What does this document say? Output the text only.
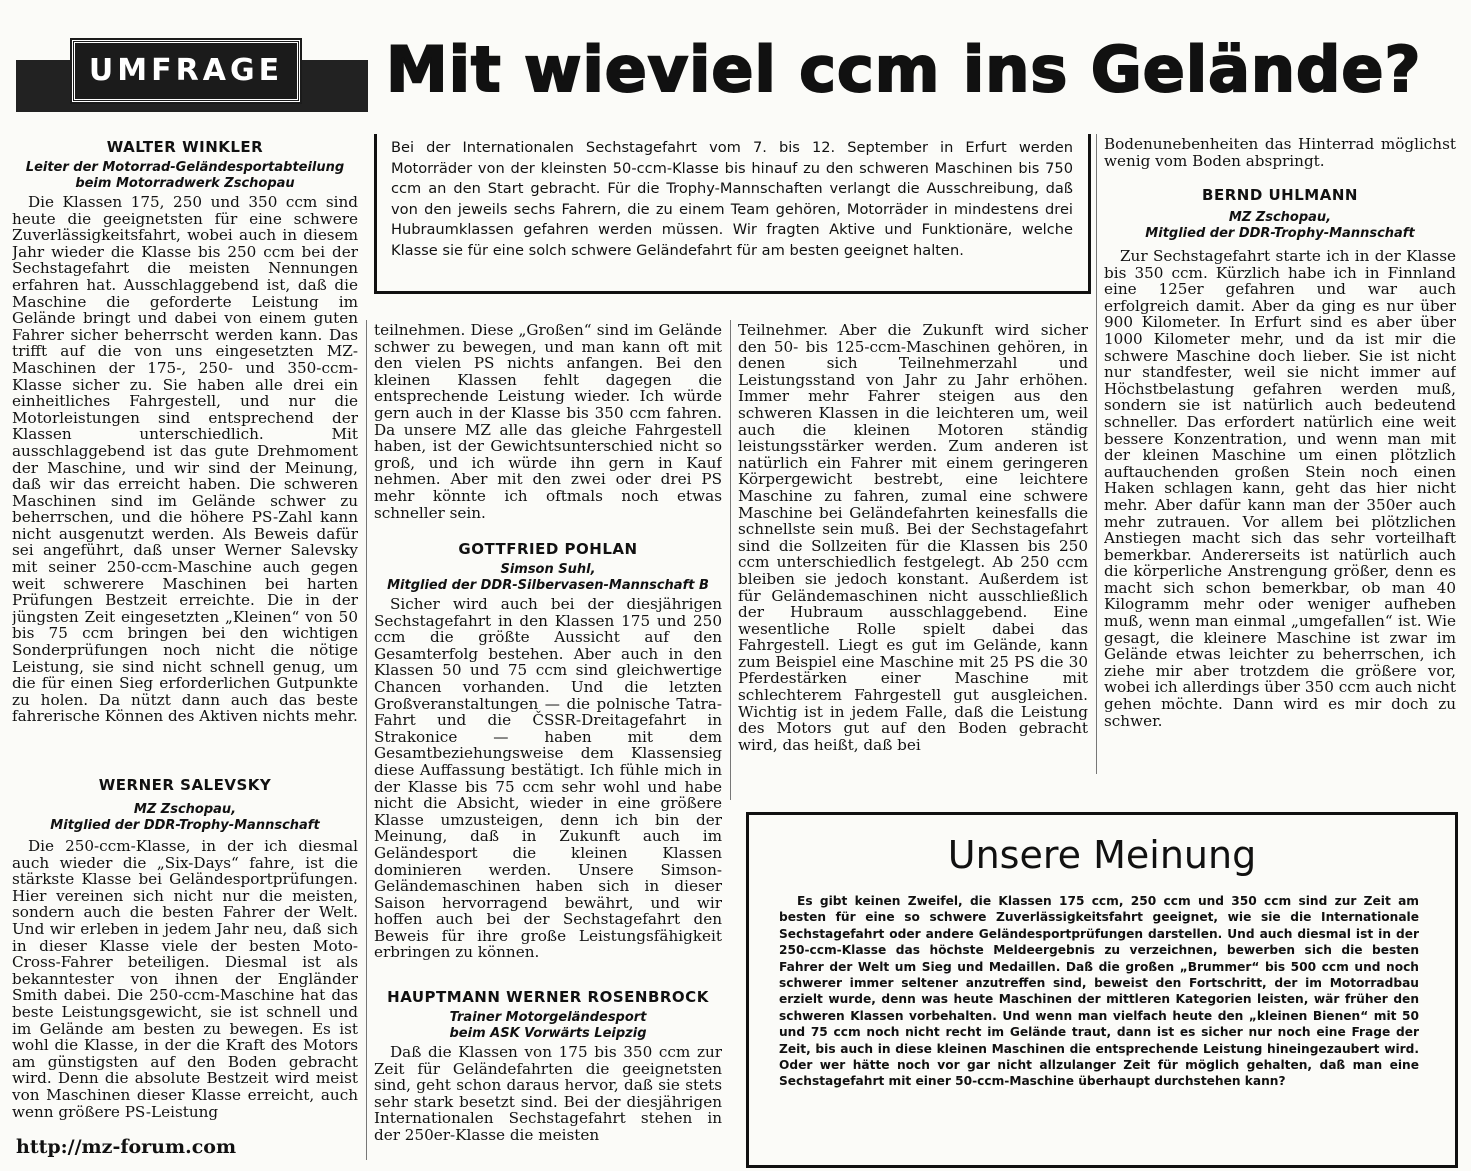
UMFRAGE Mit wieviel ccm ins Gelände?
WALTER WINKLER
Leiter der Motorrad-Geländesportabteilung
beim Motorradwerk Zschopau

Die Klassen 175, 250 und 350 ccm sind heute die geeignetsten für eine schwere Zuverlässigkeitsfahrt, wobei auch in diesem Jahr wieder die Klasse bis 250 ccm bei der Sechstagefahrt die meisten Nennungen erfahren hat. Ausschlaggebend ist, daß die Maschine die geforderte Leistung im Gelände bringt und dabei von einem guten Fahrer sicher beherrscht werden kann. Das trifft auf die von uns eingesetzten MZ-Maschinen der 175-, 250- und 350-ccm-Klasse sicher zu. Sie haben alle drei ein einheitliches Fahrgestell, und nur die Motorleistungen sind entsprechend der Klassen unterschiedlich. Mit ausschlaggebend ist das gute Drehmoment der Maschine, und wir sind der Meinung, daß wir das erreicht haben. Die schweren Maschinen sind im Gelände schwer zu beherrschen, und die höhere PS-Zahl kann nicht ausgenutzt werden. Als Beweis dafür sei angeführt, daß unser Werner Salevsky mit seiner 250-ccm-Maschine auch gegen weit schwerere Maschinen bei harten Prüfungen Bestzeit erreichte. Die in der jüngsten Zeit eingesetzten „Kleinen“ von 50 bis 75 ccm bringen bei den wichtigen Sonderprüfungen noch nicht die nötige Leistung, sie sind nicht schnell genug, um die für einen Sieg erforderlichen Gutpunkte zu holen. Da nützt dann auch das beste fahrerische Können des Aktiven nichts mehr.

WERNER SALEVSKY
MZ Zschopau,
Mitglied der DDR-Trophy-Mannschaft

Die 250-ccm-Klasse, in der ich diesmal auch wieder die „Six-Days“ fahre, ist die stärkste Klasse bei Geländesportprüfungen. Hier vereinen sich nicht nur die meisten, sondern auch die besten Fahrer der Welt. Und wir erleben in jedem Jahr neu, daß sich in dieser Klasse viele der besten Moto-Cross-Fahrer beteiligen. Diesmal ist als bekanntester von ihnen der Engländer Smith dabei. Die 250-ccm-Maschine hat das beste Leistungsgewicht, sie ist schnell und im Gelände am besten zu bewegen. Es ist wohl die Klasse, in der die Kraft des Motors am günstigsten auf den Boden gebracht wird. Denn die absolute Bestzeit wird meist von Maschinen dieser Klasse erreicht, auch wenn größere PS-Leistung

Bei der Internationalen Sechstagefahrt vom 7. bis 12. September in Erfurt werden Motorräder von der kleinsten 50-ccm-Klasse bis hinauf zu den schweren Maschinen bis 750 ccm an den Start gebracht. Für die Trophy-Mannschaften verlangt die Ausschreibung, daß von den jeweils sechs Fahrern, die zu einem Team gehören, Motorräder in mindestens drei Hubraumklassen gefahren werden müssen. Wir fragten Aktive und Funktionäre, welche Klasse sie für eine solch schwere Geländefahrt für am besten geeignet halten.

teilnehmen. Diese „Großen“ sind im Gelände schwer zu bewegen, und man kann oft mit den vielen PS nichts anfangen. Bei den kleinen Klassen fehlt dagegen die entsprechende Leistung wieder. Ich würde gern auch in der Klasse bis 350 ccm fahren. Da unsere MZ alle das gleiche Fahrgestell haben, ist der Gewichtsunterschied nicht so groß, und ich würde ihn gern in Kauf nehmen. Aber mit den zwei oder drei PS mehr könnte ich oftmals noch etwas schneller sein.

GOTTFRIED POHLAN
Simson Suhl,
Mitglied der DDR-Silbervasen-Mannschaft B

Sicher wird auch bei der diesjährigen Sechstagefahrt in den Klassen 175 und 250 ccm die größte Aussicht auf den Gesamterfolg bestehen. Aber auch in den Klassen 50 und 75 ccm sind gleichwertige Chancen vorhanden. Und die letzten Großveranstaltungen — die polnische Tatra-Fahrt und die ČSSR-Dreitagefahrt in Strakonice — haben mit dem Gesamtbeziehungsweise dem Klassensieg diese Auffassung bestätigt. Ich fühle mich in der Klasse bis 75 ccm sehr wohl und habe nicht die Absicht, wieder in eine größere Klasse umzusteigen, denn ich bin der Meinung, daß in Zukunft auch im Geländesport die kleinen Klassen dominieren werden. Unsere Simson-Geländemaschinen haben sich in dieser Saison hervorragend bewährt, und wir hoffen auch bei der Sechstagefahrt den Beweis für ihre große Leistungsfähigkeit erbringen zu können.

HAUPTMANN WERNER ROSENBROCK
Trainer Motorgeländesport
beim ASK Vorwärts Leipzig

Daß die Klassen von 175 bis 350 ccm zur Zeit für Geländefahrten die geeignetsten sind, geht schon daraus hervor, daß sie stets sehr stark besetzt sind. Bei der diesjährigen Internationalen Sechstagefahrt stehen in der 250er-Klasse die meisten

Teilnehmer. Aber die Zukunft wird sicher den 50- bis 125-ccm-Maschinen gehören, in denen sich Teilnehmerzahl und Leistungsstand von Jahr zu Jahr erhöhen. Immer mehr Fahrer steigen aus den schweren Klassen in die leichteren um, weil auch die kleinen Motoren ständig leistungsstärker werden. Zum anderen ist natürlich ein Fahrer mit einem geringeren Körpergewicht bestrebt, eine leichtere Maschine zu fahren, zumal eine schwere Maschine bei Geländefahrten keinesfalls die schnellste sein muß. Bei der Sechstagefahrt sind die Sollzeiten für die Klassen bis 250 ccm unterschiedlich festgelegt. Ab 250 ccm bleiben sie jedoch konstant. Außerdem ist für Geländemaschinen nicht ausschließlich der Hubraum ausschlaggebend. Eine wesentliche Rolle spielt dabei das Fahrgestell. Liegt es gut im Gelände, kann zum Beispiel eine Maschine mit 25 PS die 30 Pferdestärken einer Maschine mit schlechterem Fahrgestell gut ausgleichen. Wichtig ist in jedem Falle, daß die Leistung des Motors gut auf den Boden gebracht wird, das heißt, daß bei

Bodenunebenheiten das Hinterrad möglichst wenig vom Boden abspringt.

BERND UHLMANN
MZ Zschopau,
Mitglied der DDR-Trophy-Mannschaft

Zur Sechstagefahrt starte ich in der Klasse bis 350 ccm. Kürzlich habe ich in Finnland eine 125er gefahren und war auch erfolgreich damit. Aber da ging es nur über 900 Kilometer. In Erfurt sind es aber über 1000 Kilometer mehr, und da ist mir die schwere Maschine doch lieber. Sie ist nicht nur standfester, weil sie nicht immer auf Höchstbelastung gefahren werden muß, sondern sie ist natürlich auch bedeutend schneller. Das erfordert natürlich eine weit bessere Konzentration, und wenn man mit der kleinen Maschine um einen plötzlich auftauchenden großen Stein noch einen Haken schlagen kann, geht das hier nicht mehr. Aber dafür kann man der 350er auch mehr zutrauen. Vor allem bei plötzlichen Anstiegen macht sich das sehr vorteilhaft bemerkbar. Andererseits ist natürlich auch die körperliche Anstrengung größer, denn es macht sich schon bemerkbar, ob man 40 Kilogramm mehr oder weniger aufheben muß, wenn man einmal „umgefallen“ ist. Wie gesagt, die kleinere Maschine ist zwar im Gelände etwas leichter zu beherrschen, ich ziehe mir aber trotzdem die größere vor, wobei ich allerdings über 350 ccm auch nicht gehen möchte. Dann wird es mir doch zu schwer.

Unsere Meinung

Es gibt keinen Zweifel, die Klassen 175 ccm, 250 ccm und 350 ccm sind zur Zeit am besten für eine so schwere Zuverlässigkeitsfahrt geeignet, wie sie die Internationale Sechstagefahrt oder andere Geländesportprüfungen darstellen. Und auch diesmal ist in der 250-ccm-Klasse das höchste Meldeergebnis zu verzeichnen, bewerben sich die besten Fahrer der Welt um Sieg und Medaillen. Daß die großen „Brummer“ bis 500 ccm und noch schwerer immer seltener anzutreffen sind, beweist den Fortschritt, der im Motorradbau erzielt wurde, denn was heute Maschinen der mittleren Kategorien leisten, wär früher den schweren Klassen vorbehalten. Und wenn man vielfach heute den „kleinen Bienen“ mit 50 und 75 ccm noch nicht recht im Gelände traut, dann ist es sicher nur noch eine Frage der Zeit, bis auch in diese kleinen Maschinen die entsprechende Leistung hineingezaubert wird. Oder wer hätte noch vor gar nicht allzulanger Zeit für möglich gehalten, daß man eine Sechstagefahrt mit einer 50-ccm-Maschine überhaupt durchstehen kann?

http://mz-forum.com
